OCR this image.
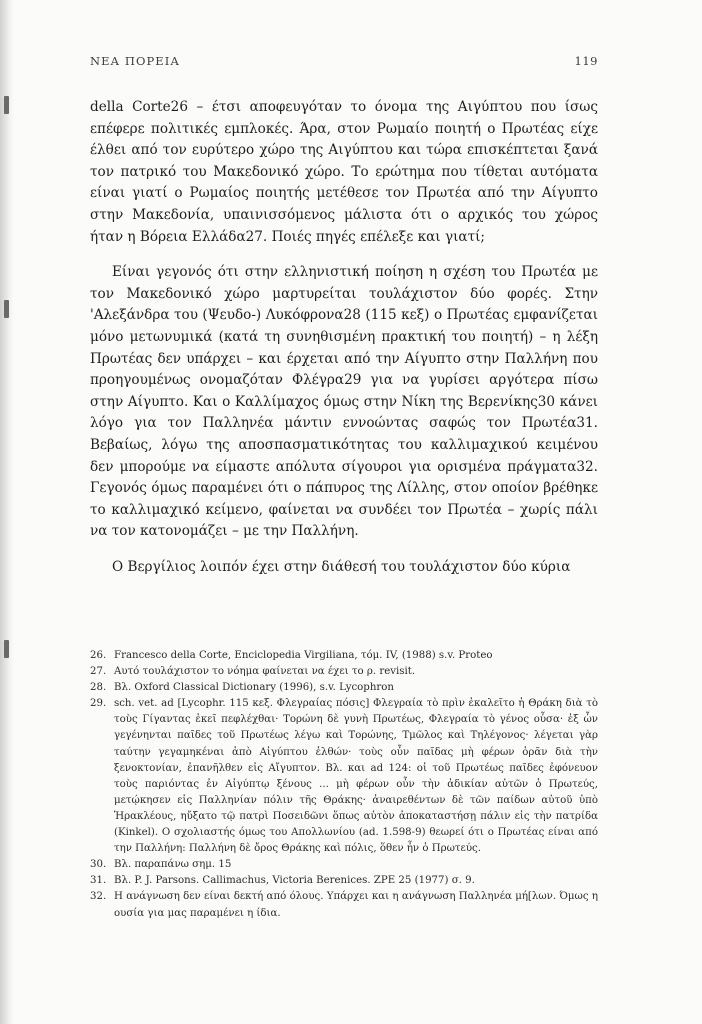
ΝΕΑ ΠΟΡΕΙΑ	119

della Corte26 – έτσι αποφευγόταν το όνομα της Αιγύπτου που ίσως επέφερε πολιτικές εμπλοκές. Άρα, στον Ρωμαίο ποιητή ο Πρωτέας είχε έλθει από τον ευρύτερο χώρο της Αιγύπτου και τώρα επισκέπτεται ξανά τον πατρικό του Μακεδονικό χώρο. Το ερώτημα που τίθεται αυτόματα είναι γιατί ο Ρωμαίος ποιητής μετέθεσε τον Πρωτέα από την Αίγυπτο στην Μακεδονία, υπαινισσόμενος μάλιστα ότι ο αρχικός του χώρος ήταν η Βόρεια Ελλάδα27. Ποιές πηγές επέλεξε και γιατί;

Είναι γεγονός ότι στην ελληνιστική ποίηση η σχέση του Πρωτέα με τον Μακεδονικό χώρο μαρτυρείται τουλάχιστον δύο φορές. Στην 'Αλεξάνδρα του (Ψευδο-) Λυκόφρονα28 (115 κεξ) ο Πρωτέας εμφανίζεται μόνο μετωνυμικά (κατά τη συνηθισμένη πρακτική του ποιητή) – η λέξη Πρωτέας δεν υπάρχει – και έρχεται από την Αίγυπτο στην Παλλήνη που προηγουμένως ονομαζόταν Φλέγρα29 για να γυρίσει αργότερα πίσω στην Αίγυπτο. Και ο Καλλίμαχος όμως στην Νίκη της Βερενίκης30 κάνει λόγο για τον Παλληνέα μάντιν εννοώντας σαφώς τον Πρωτέα31. Βεβαίως, λόγω της αποσπασματικότητας του καλλιμαχικού κειμένου δεν μπορούμε να είμαστε απόλυτα σίγουροι για ορισμένα πράγματα32. Γεγονός όμως παραμένει ότι ο πάπυρος της Λίλλης, στον οποίον βρέθηκε το καλλιμαχικό κείμενο, φαίνεται να συνδέει τον Πρωτέα – χωρίς πάλι να τον κατονομάζει – με την Παλλήνη.

Ο Βεργίλιος λοιπόν έχει στην διάθεσή του τουλάχιστον δύο κύρια

26. Francesco della Corte, Enciclopedia Virgiliana, τόμ. IV, (1988) s.v. Proteo
27. Αυτό τουλάχιστον το νόημα φαίνεται να έχει το ρ. revisit.
28. Βλ. Oxford Classical Dictionary (1996), s.v. Lycophron
29. sch. vet. ad [Lycophr. 115 κεξ. Φλεγραίας πόσις] Φλεγραία τὸ πρὶν ἐκαλεῖτο ἡ Θράκη διὰ τὸ τοὺς Γίγαντας ἐκεῖ πεφλέχθαι· Τορώνη δὲ γυνὴ Πρωτέως, Φλεγραία τὸ γένος οὖσα· ἐξ ὧν γεγένηνται παῖδες τοῦ Πρωτέως λέγω καὶ Τορώνης, Τμῶλος καὶ Τηλέγονος· λέγεται γὰρ ταύτην γεγαμηκέναι ἀπὸ Αἰγύπτου ἐλθών· τοὺς οὖν παῖδας μὴ φέρων ὁρᾶν διὰ τὴν ξενοκτονίαν, ἐπανῆλθεν εἰς Αἴγυπτον. Βλ. και ad 124: οἱ τοῦ Πρωτέως παῖδες ἐφόνευον τοὺς παριόντας ἐν Αἰγύπτῳ ξένους ... μὴ φέρων οὖν τὴν ἀδικίαν αὐτῶν ὁ Πρωτεύς, μετῴκησεν εἰς Παλληνίαν πόλιν τῆς Θράκης· ἀναιρεθέντων δὲ τῶν παίδων αὐτοῦ ὑπὸ Ἡρακλέους, ηὔξατο τῷ πατρὶ Ποσειδῶνι ὅπως αὐτὸν ἀποκαταστήσῃ πάλιν εἰς τὴν πατρίδα (Kinkel). Ο σχολιαστής όμως του Απολλωνίου (ad. 1.598-9) θεωρεί ότι ο Πρωτέας είναι από την Παλλήνη: Παλλήνη δὲ ὄρος Θράκης καὶ πόλις, ὅθεν ἦν ὁ Πρωτεύς.
30. Βλ. παραπάνω σημ. 15
31. Βλ. P. J. Parsons. Callimachus, Victoria Berenices. ZPE 25 (1977) σ. 9.
32. Η ανάγνωση δεν είναι δεκτή από όλους. Υπάρχει και η ανάγνωση Παλληνέα μή[λων. Όμως η ουσία για μας παραμένει η ίδια.
